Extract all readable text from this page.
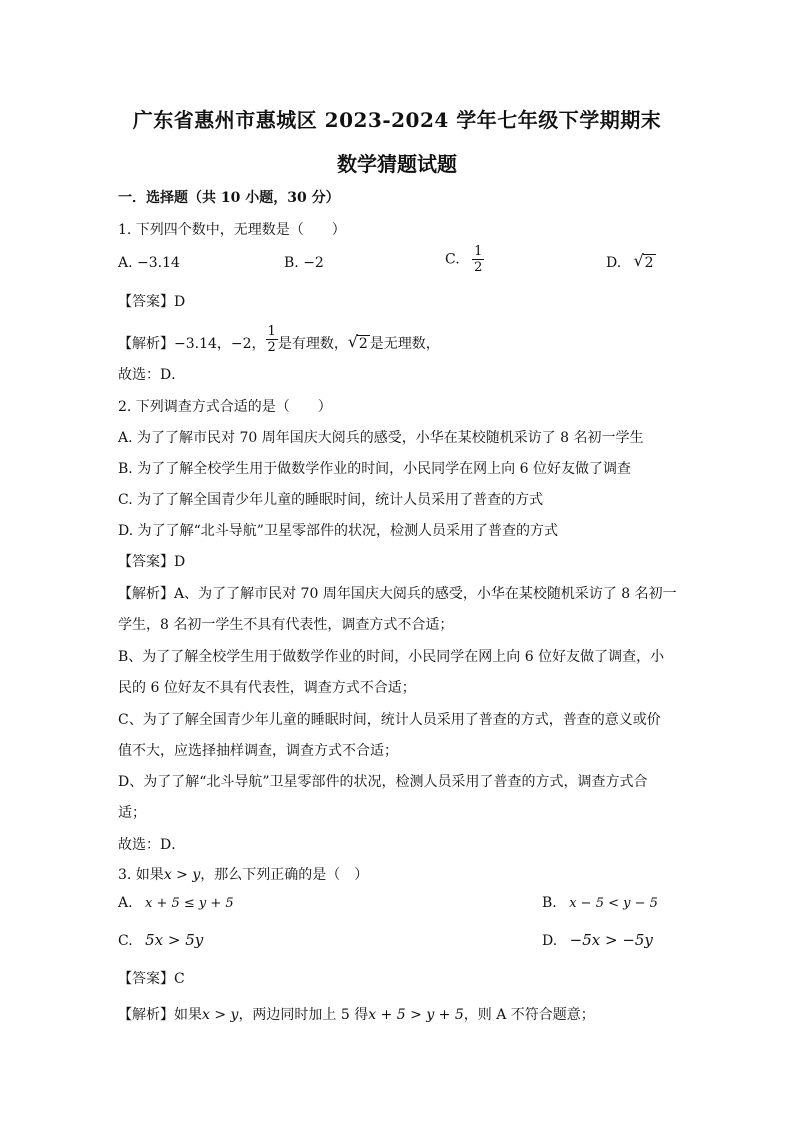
广东省惠州市惠城区 2023-2024 学年七年级下学期期末
数学猜题试题
一．选择题（共 10 小题，30 分）
1. 下列四个数中，无理数是（　　）
A. −3.14	B. −2	C. $\frac{1}{2}$	D. √ 2
【答案】D
【解析】−3.14，−2， $\frac{1}{2}$ 是有理数， √ 2 是无理数，
故选：D．
2. 下列调查方式合适的是（　　）
A. 为了了解市民对 70 周年国庆大阅兵的感受，小华在某校随机采访了 8 名初一学生
B. 为了了解全校学生用于做数学作业的时间，小民同学在网上向 6 位好友做了调查
C. 为了了解全国青少年儿童的睡眠时间，统计人员采用了普查的方式
D. 为了了解“北斗导航”卫星零部件的状况，检测人员采用了普查的方式
【答案】D
【解析】A、为了了解市民对 70 周年国庆大阅兵的感受，小华在某校随机采访了 8 名初一
学生，8 名初一学生不具有代表性，调查方式不合适；
B、为了了解全校学生用于做数学作业的时间，小民同学在网上向 6 位好友做了调查，小
民的 6 位好友不具有代表性，调查方式不合适；
C、为了了解全国青少年儿童的睡眠时间，统计人员采用了普查的方式，普查的意义或价
值不大，应选择抽样调查，调查方式不合适；
D、为了了解“北斗导航”卫星零部件的状况，检测人员采用了普查的方式，调查方式合
适；
故选：D．
3. 如果x > y，那么下列正确的是（　）
A. x + 5 ≤ y + 5	B. x − 5 < y − 5
C. 5x > 5y	D. −5x > −5y
【答案】C
【解析】如果x > y，两边同时加上 5 得x + 5 > y + 5，则 A 不符合题意；
